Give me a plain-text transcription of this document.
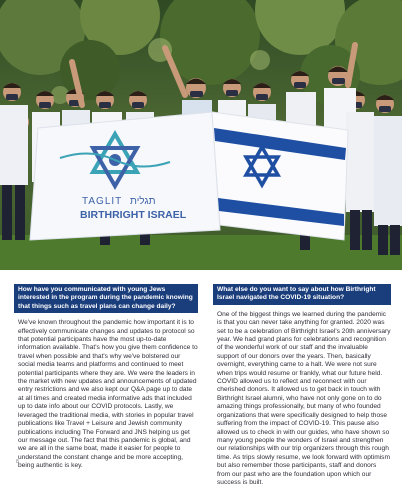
TAGLIT תגלית
BIRTHRIGHT ISRAEL
How have you communicated with young Jews interested in the program during the pandemic knowing that things such as travel plans can change daily?
We've known throughout the pandemic how important it is to effectively communicate changes and updates to protocol so that potential participants have the most up-to-date information available. That's how you give them confidence to travel when possible and that's why we've bolstered our social media teams and platforms and continued to meet potential participants where they are. We were the leaders in the market with new updates and announcements of updated entry restrictions and we also kept our Q&A page up to date at all times and created media informative ads that included up to date info about our COVID protocols. Lastly, we leveraged the traditional media, with stories in popular travel publications like Travel + Leisure and Jewish community publications including The Forward and JNS helping us get our message out. The fact that this pandemic is global, and we are all in the same boat, made it easier for people to understand the constant change and be more accepting, being authentic is key.
What else do you want to say about how Birthright Israel navigated the COVID-19 situation?
One of the biggest things we learned during the pandemic is that you can never take anything for granted. 2020 was set to be a celebration of Birthright Israel's 20th anniversary year. We had grand plans for celebrations and recognition of the wonderful work of our staff and the invaluable support of our donors over the years. Then, basically overnight, everything came to a halt. We were not sure when trips would resume or frankly, what our future held. COVID allowed us to reflect and reconnect with our cherished donors. It allowed us to get back in touch with Birthright Israel alumni, who have not only gone on to do amazing things professionally, but many of who founded organizations that were specifically designed to help those suffering from the impact of COVID-19. This pause also allowed us to check in with our guides, who have shown so many young people the wonders of Israel and strengthen our relationships with our trip organizers through this rough time. As trips slowly resume, we look forward with optimism but also remember those participants, staff and donors from our past who are the foundation upon which our success is built.
8
